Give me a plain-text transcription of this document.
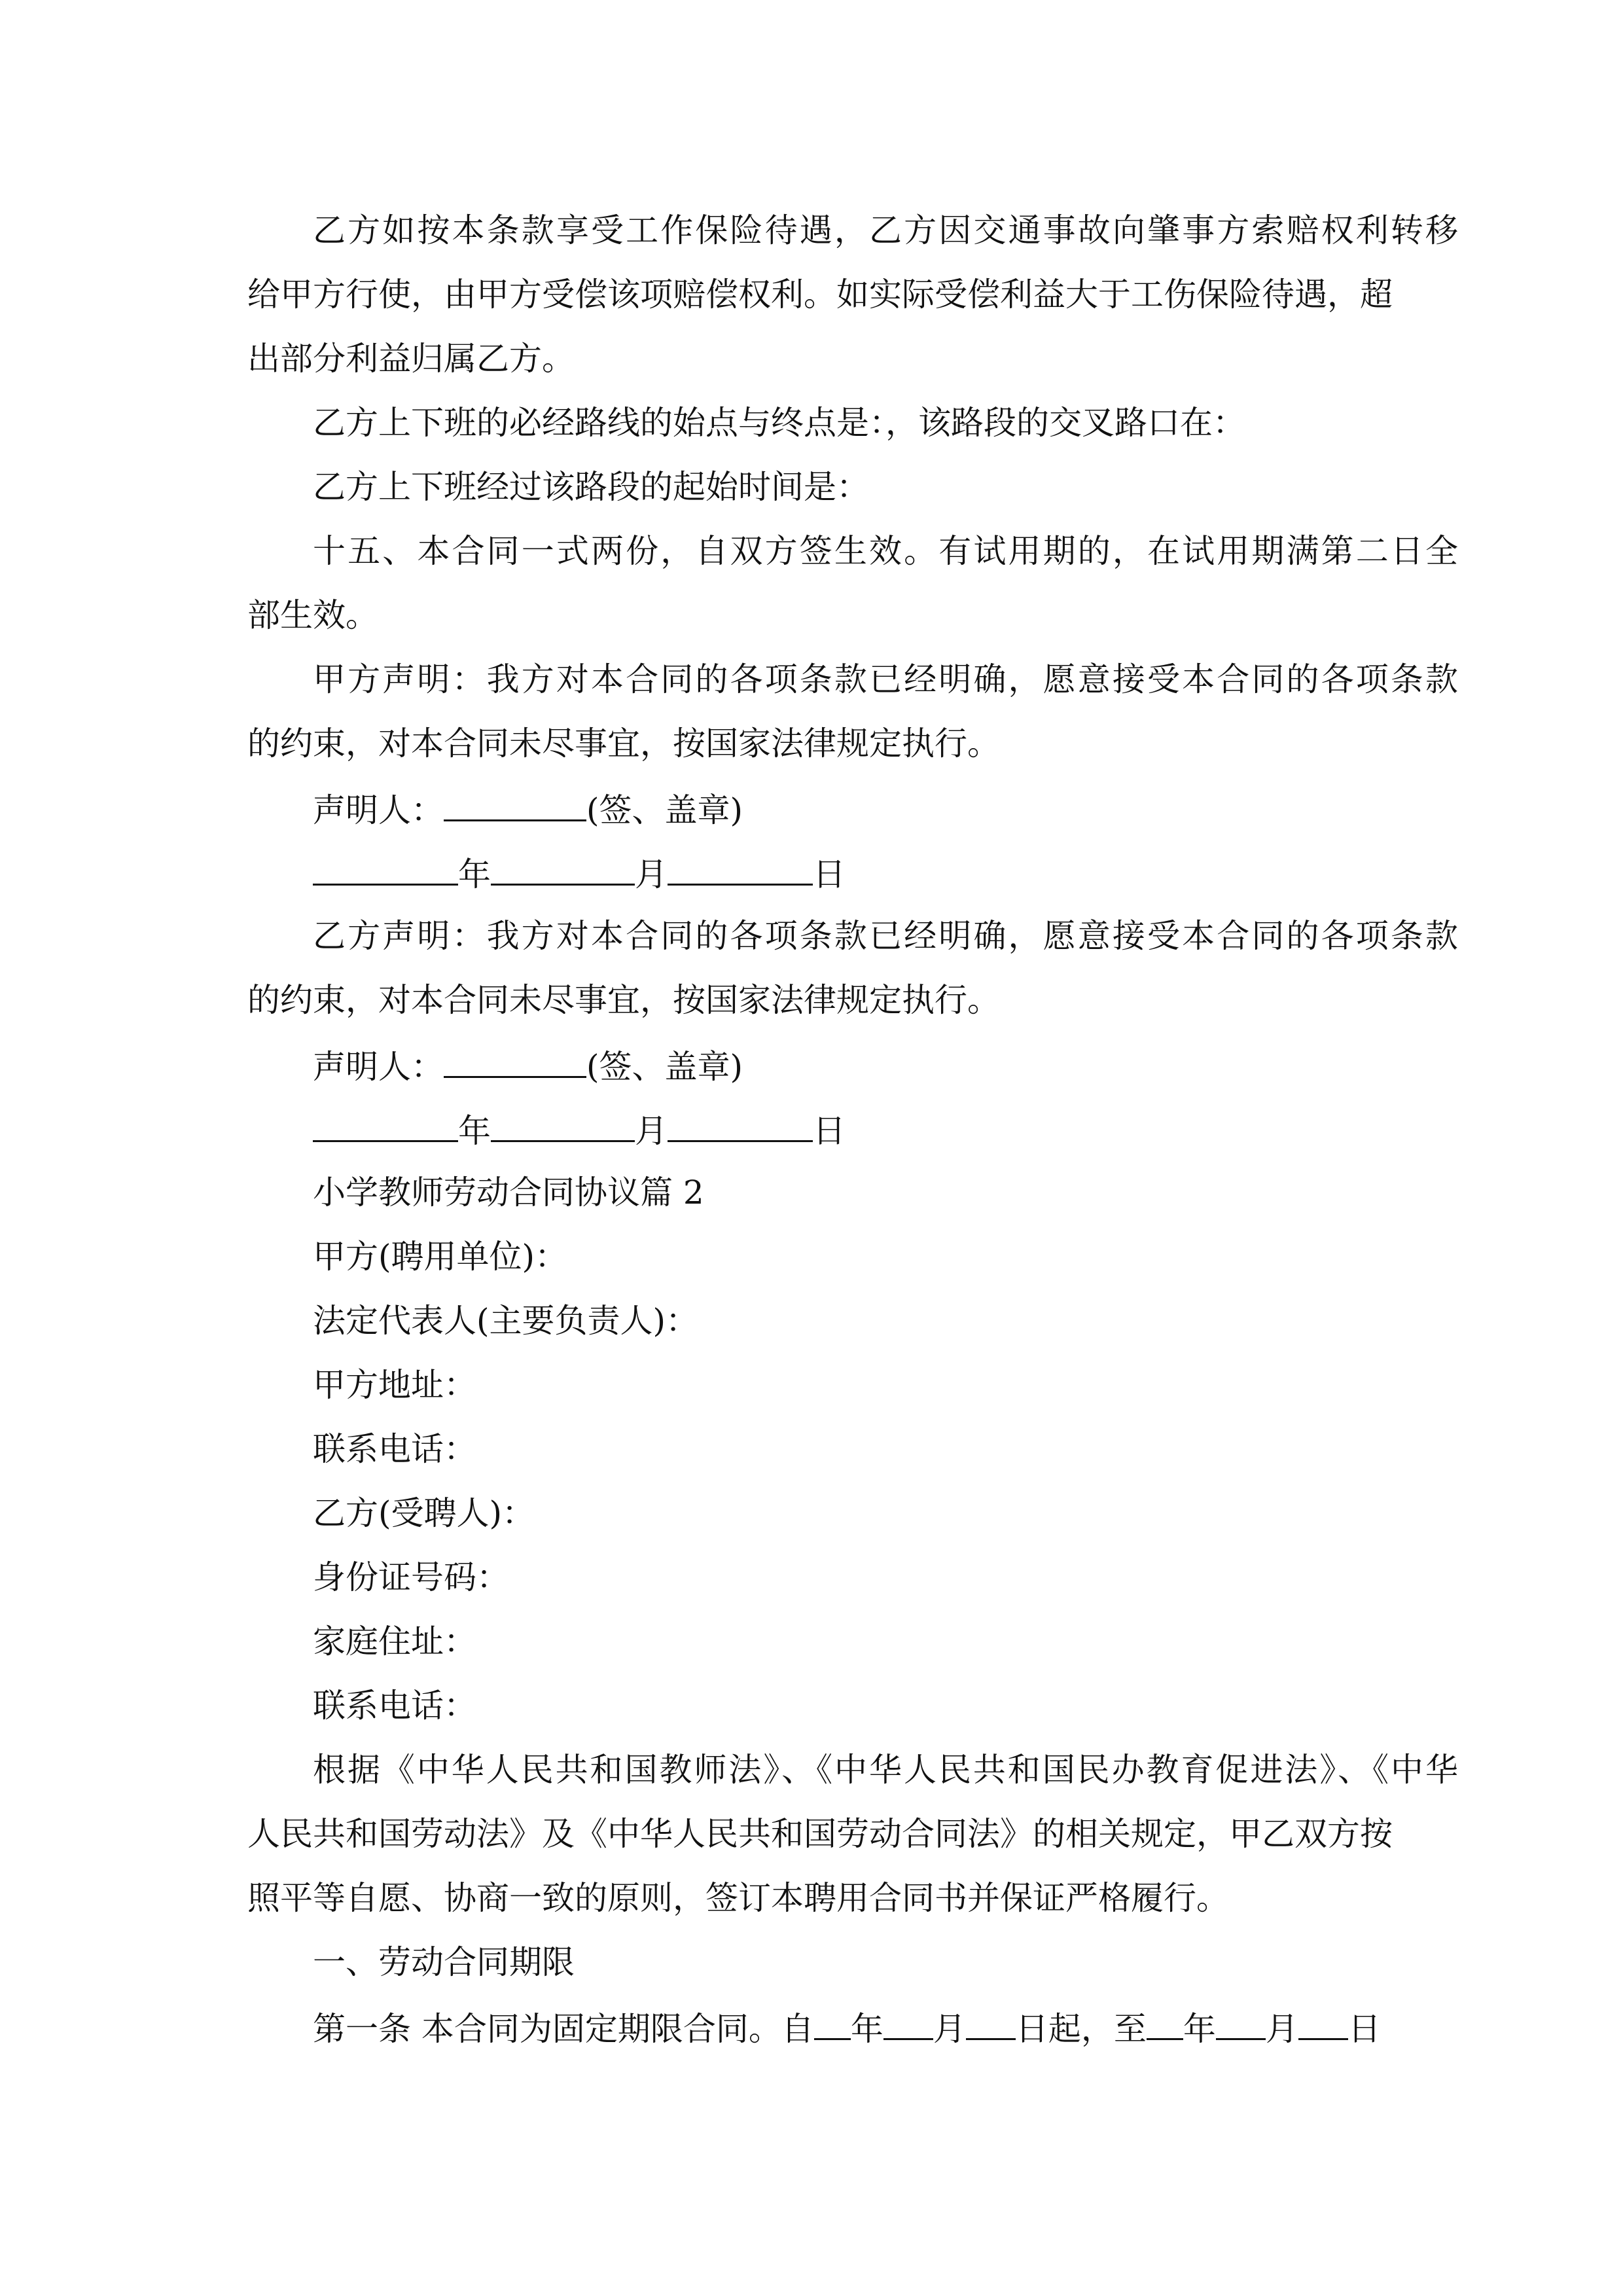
乙方如按本条款享受工作保险待遇，乙方因交通事故向肇事方索赔权利转移
给甲方行使，由甲方受偿该项赔偿权利。如实际受偿利益大于工伤保险待遇，超
出部分利益归属乙方。
乙方上下班的必经路线的始点与终点是：，该路段的交叉路口在：
乙方上下班经过该路段的起始时间是：
十五、本合同一式两份，自双方签生效。有试用期的，在试用期满第二日全
部生效。
甲方声明：我方对本合同的各项条款已经明确，愿意接受本合同的各项条款
的约束，对本合同未尽事宜，按国家法律规定执行。
声明人：	(签、盖章)
年	月	日
乙方声明：我方对本合同的各项条款已经明确，愿意接受本合同的各项条款
的约束，对本合同未尽事宜，按国家法律规定执行。
声明人：	(签、盖章)
年	月	日
小学教师劳动合同协议篇 2
甲方(聘用单位)：
法定代表人(主要负责人)：
甲方地址：
联系电话：
乙方(受聘人)：
身份证号码：
家庭住址：
联系电话：
根据《中华人民共和国教师法》、《中华人民共和国民办教育促进法》、《中华
人民共和国劳动法》及《中华人民共和国劳动合同法》的相关规定，甲乙双方按
照平等自愿、协商一致的原则，签订本聘用合同书并保证严格履行。
一、劳动合同期限
第一条 本合同为固定期限合同。自 年 月 日起，至 年 月 日
